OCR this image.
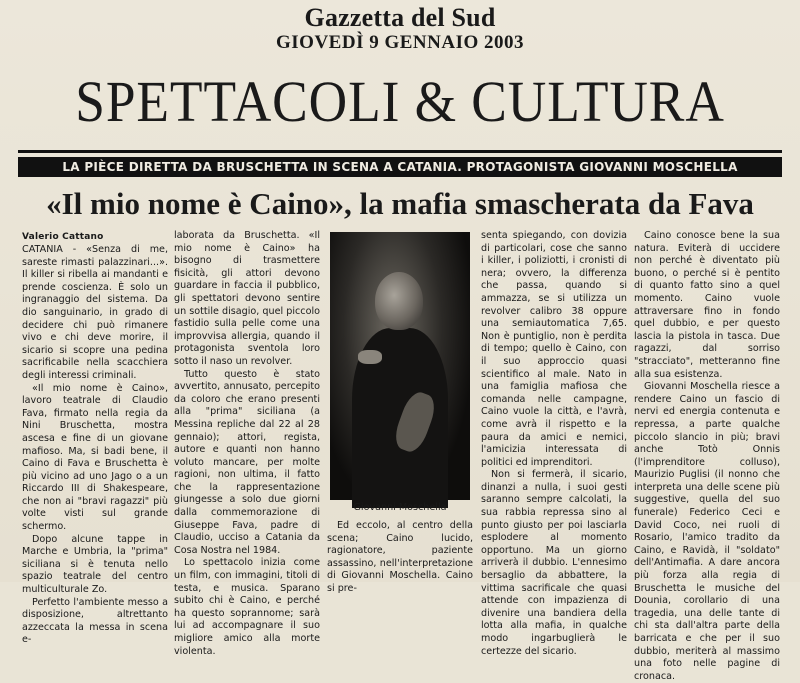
Gazzetta del Sud
GIOVEDÌ 9 GENNAIO 2003
SPETTACOLI & CULTURA
LA PIÈCE DIRETTA DA BRUSCHETTA IN SCENA A CATANIA. PROTAGONISTA GIOVANNI MOSCHELLA
«Il mio nome è Caino», la mafia smascherata da Fava
Valerio Cattano

CATANIA - «Senza di me, sareste rimasti palazzinari...». Il killer si ribella ai mandanti e prende coscienza. È solo un ingranaggio del sistema. Da dio sanguinario, in grado di decidere chi può rimanere vivo e chi deve morire, il sicario si scopre una pedina sacrificabile nella scacchiera degli interessi criminali.

«Il mio nome è Caino», lavoro teatrale di Claudio Fava, firmato nella regia da Nini Bruschetta, mostra ascesa e fine di un giovane mafioso. Ma, si badi bene, il Caino di Fava e Bruschetta è più vicino ad uno Jago o a un Riccardo III di Shakespeare, che non ai "bravi ragazzi" più volte visti sul grande schermo.

Dopo alcune tappe in Marche e Umbria, la "prima" siciliana si è tenuta nello spazio teatrale del centro multiculturale Zo.

Perfetto l'ambiente messo a disposizione, altrettanto azzeccata la messa in scena e-

laborata da Bruschetta. «Il mio nome è Caino» ha bisogno di trasmettere fisicità, gli attori devono guardare in faccia il pubblico, gli spettatori devono sentire un sottile disagio, quel piccolo fastidio sulla pelle come una improvvisa allergia, quando il protagonista sventola loro sotto il naso un revolver.

Tutto questo è stato avvertito, annusato, percepito da coloro che erano presenti alla "prima" siciliana (a Messina repliche dal 22 al 28 gennaio); attori, regista, autore e quanti non hanno voluto mancare, per molte ragioni, non ultima, il fatto che la rappresentazione giungesse a solo due giorni dalla commemorazione di Giuseppe Fava, padre di Claudio, ucciso a Catania da Cosa Nostra nel 1984.

Lo spettacolo inizia come un film, con immagini, titoli di testa, e musica. Sparano subito chi è Caino, e perché ha questo soprannome; sarà lui ad accompagnare il suo migliore amico alla morte violenta.

Giovanni Moschella

Ed eccolo, al centro della scena; Caino lucido, ragionatore, paziente assassino, nell'interpretazione di Giovanni Moschella. Caino si pre-

senta spiegando, con dovizia di particolari, cose che sanno i killer, i poliziotti, i cronisti di nera; ovvero, la differenza che passa, quando si ammazza, se si utilizza un revolver calibro 38 oppure una semiautomatica 7,65. Non è puntiglio, non è perdita di tempo; quello è Caino, con il suo approccio quasi scientifico al male. Nato in una famiglia mafiosa che comanda nelle campagne, Caino vuole la città, e l'avrà, come avrà il rispetto e la paura da amici e nemici, l'amicizia interessata di politici ed imprenditori.

Non si fermerà, il sicario, dinanzi a nulla, i suoi gesti saranno sempre calcolati, la sua rabbia repressa sino al punto giusto per poi lasciarla esplodere al momento opportuno. Ma un giorno arriverà il dubbio. L'ennesimo bersaglio da abbattere, la vittima sacrificale che quasi attende con impazienza di divenire una bandiera della lotta alla mafia, in qualche modo ingarbuglierà le certezze del sicario.

Caino conosce bene la sua natura. Eviterà di uccidere non perché è diventato più buono, o perché si è pentito di quanto fatto sino a quel momento. Caino vuole attraversare fino in fondo quel dubbio, e per questo lascia la pistola in tasca. Due ragazzi, dal sorriso "stracciato", metteranno fine alla sua esistenza.

Giovanni Moschella riesce a rendere Caino un fascio di nervi ed energia contenuta e repressa, a parte qualche piccolo slancio in più; bravi anche Totò Onnis (l'imprenditore colluso), Maurizio Puglisi (il nonno che interpreta una delle scene più suggestive, quella del suo funerale) Federico Ceci e David Coco, nei ruoli di Rosario, l'amico tradito da Caino, e Ravidà, il "soldato" dell'Antimafia. A dare ancora più forza alla regia di Bruschetta le musiche del Dounia, corollario di una tragedia, una delle tante di chi sta dall'altra parte della barricata e che per il suo dubbio, meriterà al massimo una foto nelle pagine di cronaca.
